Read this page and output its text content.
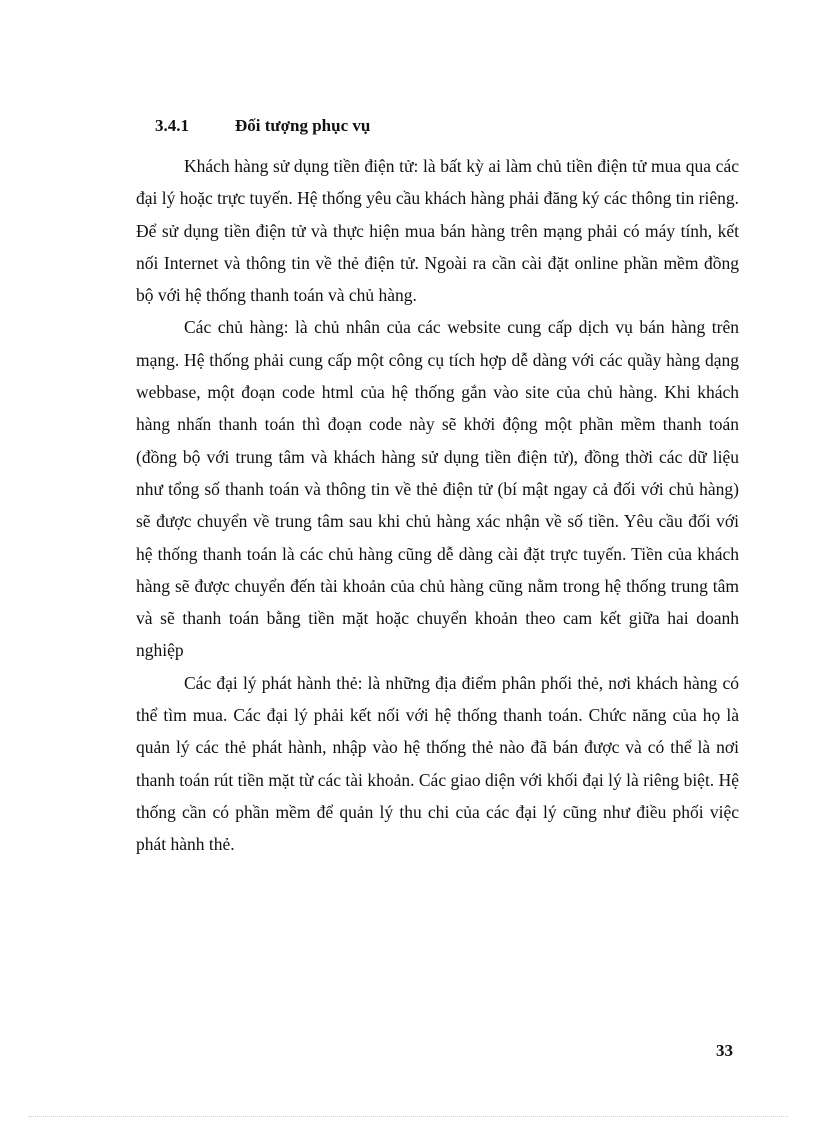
3.4.1	Đối tượng phục vụ

Khách hàng sử dụng tiền điện tử: là bất kỳ ai làm chủ tiền điện tử mua qua các đại lý hoặc trực tuyến. Hệ thống yêu cầu khách hàng phải đăng ký các thông tin riêng. Để sử dụng tiền điện tử và thực hiện mua bán hàng trên mạng phải có máy tính, kết nối Internet và thông tin về thẻ điện tử. Ngoài ra cần cài đặt online phần mềm đồng bộ với hệ thống thanh toán và chủ hàng.

Các chủ hàng: là chủ nhân của các website cung cấp dịch vụ bán hàng trên mạng. Hệ thống phải cung cấp một công cụ tích hợp dễ dàng với các quầy hàng dạng webbase, một đoạn code html của hệ thống gắn vào site của chủ hàng. Khi khách hàng nhấn thanh toán thì đoạn code này sẽ khởi động một phần mềm thanh toán (đồng bộ với trung tâm và khách hàng sử dụng tiền điện tử), đồng thời các dữ liệu như tổng số thanh toán và thông tin về thẻ điện tử (bí mật ngay cả đối với chủ hàng) sẽ được chuyển về trung tâm sau khi chủ hàng xác nhận về số tiền. Yêu cầu đối với hệ thống thanh toán là các chủ hàng cũng dễ dàng cài đặt trực tuyến. Tiền của khách hàng sẽ được chuyển đến tài khoản của chủ hàng cũng nằm trong hệ thống trung tâm và sẽ thanh toán bằng tiền mặt hoặc chuyển khoản theo cam kết giữa hai doanh nghiệp

Các đại lý phát hành thẻ: là những địa điểm phân phối thẻ, nơi khách hàng có thể tìm mua. Các đại lý phải kết nối với hệ thống thanh toán. Chức năng của họ là quản lý các thẻ phát hành, nhập vào hệ thống thẻ nào đã bán được và có thể là nơi thanh toán rút tiền mặt từ các tài khoản. Các giao diện với khối đại lý là riêng biệt. Hệ thống cần có phần mềm để quản lý thu chi của các đại lý cũng như điều phối việc phát hành thẻ.

33
